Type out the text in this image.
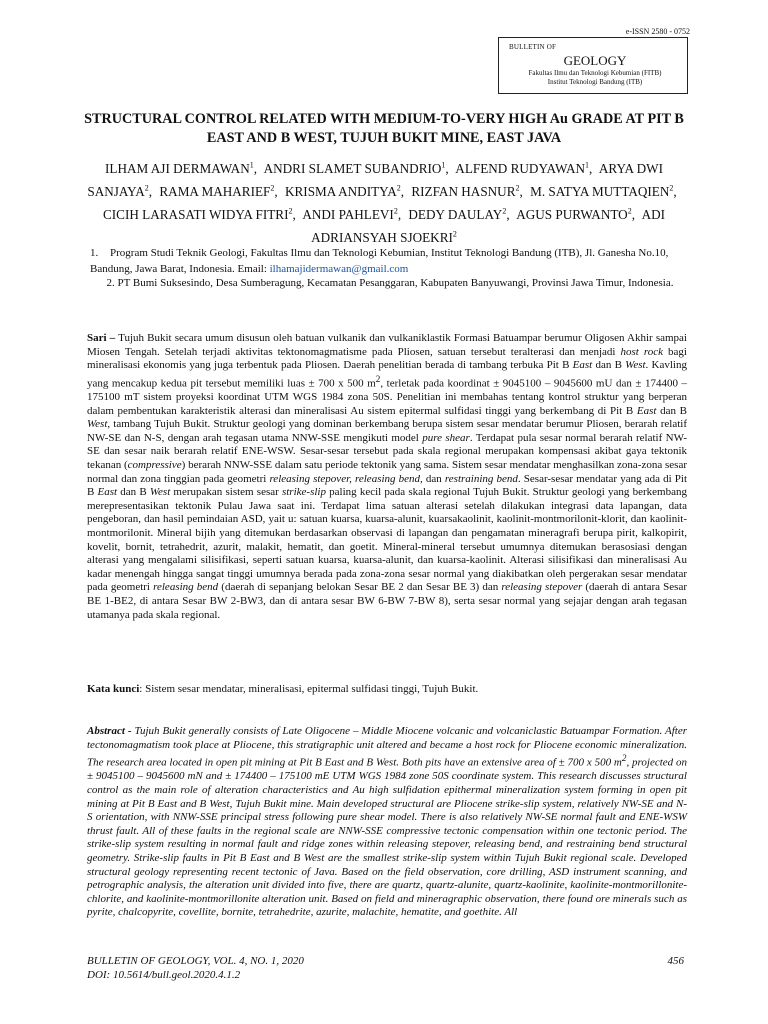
e-ISSN 2580 - 0752
BULLETIN OF
GEOLOGY
Fakultas Ilmu dan Teknologi Kebumian (FITB)
Institut Teknologi Bandung (ITB)
STRUCTURAL CONTROL RELATED WITH MEDIUM-TO-VERY HIGH Au GRADE AT PIT B EAST AND B WEST, TUJUH BUKIT MINE, EAST JAVA
ILHAM AJI DERMAWAN$^1$, ANDRI SLAMET SUBANDRIO$^1$, ALFEND RUDYAWAN$^1$, ARYA DWI SANJAYA$^2$, RAMA MAHARIEF$^2$, KRISMA ANDITYA$^2$, RIZFAN HASNUR$^2$, M. SATYA MUTTAQIEN$^2$, CICIH LARASATI WIDYA FITRI$^2$, ANDI PAHLEVI$^2$, DEDY DAULAY$^2$, AGUS PURWANTO$^2$, ADI ADRIANSYAH SJOEKRI$^2$
1. Program Studi Teknik Geologi, Fakultas Ilmu dan Teknologi Kebumian, Institut Teknologi Bandung (ITB), Jl. Ganesha No.10, Bandung, Jawa Barat, Indonesia. Email: ilhamajidermawan@gmail.com
2. PT Bumi Suksesindo, Desa Sumberagung, Kecamatan Pesanggaran, Kabupaten Banyuwangi, Provinsi Jawa Timur, Indonesia.
Sari – Tujuh Bukit secara umum disusun oleh batuan vulkanik dan vulkaniklastik Formasi Batuampar berumur Oligosen Akhir sampai Miosen Tengah. Setelah terjadi aktivitas tektonomagmatisme pada Pliosen, satuan tersebut teralterasi dan menjadi host rock bagi mineralisasi ekonomis yang juga terbentuk pada Pliosen. Daerah penelitian berada di tambang terbuka Pit B East dan B West. Kavling yang mencakup kedua pit tersebut memiliki luas ± 700 x 500 $m^2$, terletak pada koordinat ± 9045100 – 9045600 mU dan ± 174400 – 175100 mT sistem proyeksi koordinat UTM WGS 1984 zona 50S. Penelitian ini membahas tentang kontrol struktur yang berperan dalam pembentukan karakteristik alterasi dan mineralisasi Au sistem epitermal sulfidasi tinggi yang berkembang di Pit B East dan B West, tambang Tujuh Bukit. Struktur geologi yang dominan berkembang berupa sistem sesar mendatar berumur Pliosen, berarah relatif NW-SE dan N-S, dengan arah tegasan utama NNW-SSE mengikuti model pure shear. Terdapat pula sesar normal berarah relatif NW-SE dan sesar naik berarah relatif ENE-WSW. Sesar-sesar tersebut pada skala regional merupakan kompensasi akibat gaya tektonik tekanan (compressive) berarah NNW-SSE dalam satu periode tektonik yang sama. Sistem sesar mendatar menghasilkan zona-zona sesar normal dan zona tinggian pada geometri releasing stepover, releasing bend, dan restraining bend. Sesar-sesar mendatar yang ada di Pit B East dan B West merupakan sistem sesar strike-slip paling kecil pada skala regional Tujuh Bukit. Struktur geologi yang berkembang merepresentasikan tektonik Pulau Jawa saat ini. Terdapat lima satuan alterasi setelah dilakukan integrasi data lapangan, data pengeboran, dan hasil pemindaian ASD, yait u: satuan kuarsa, kuarsa-alunit, kuarsakaolinit, kaolinit-montmorilonit-klorit, dan kaolinit-montmorilonit. Mineral bijih yang ditemukan berdasarkan observasi di lapangan dan pengamatan mineragrafi berupa pirit, kalkopirit, kovelit, bornit, tetrahedrit, azurit, malakit, hematit, dan goetit. Mineral-mineral tersebut umumnya ditemukan berasosiasi dengan alterasi yang mengalami silisifikasi, seperti satuan kuarsa, kuarsa-alunit, dan kuarsa-kaolinit. Alterasi silisifikasi dan mineralisasi Au kadar menengah hingga sangat tinggi umumnya berada pada zona-zona sesar normal yang diakibatkan oleh pergerakan sesar mendatar pada geometri releasing bend (daerah di sepanjang belokan Sesar BE 2 dan Sesar BE 3) dan releasing stepover (daerah di antara Sesar BE 1-BE2, di antara Sesar BW 2-BW3, dan di antara sesar BW 6-BW 7-BW 8), serta sesar normal yang sejajar dengan arah tegasan utamanya pada skala regional.
Kata kunci: Sistem sesar mendatar, mineralisasi, epitermal sulfidasi tinggi, Tujuh Bukit.
Abstract - Tujuh Bukit generally consists of Late Oligocene – Middle Miocene volcanic and volcaniclastic Batuampar Formation. After tectonomagmatism took place at Pliocene, this stratigraphic unit altered and became a host rock for Pliocene economic mineralization. The research area located in open pit mining at Pit B East and B West. Both pits have an extensive area of ± 700 x 500 $m^2$, projected on ± 9045100 – 9045600 mN and ± 174400 – 175100 mE UTM WGS 1984 zone 50S coordinate system. This research discusses structural control as the main role of alteration characteristics and Au high sulfidation epithermal mineralization system forming in open pit mining at Pit B East and B West, Tujuh Bukit mine. Main developed structural are Pliocene strike-slip system, relatively NW-SE and N-S orientation, with NNW-SSE principal stress following pure shear model. There is also relatively NW-SE normal fault and ENE-WSW thrust fault. All of these faults in the regional scale are NNW-SSE compressive tectonic compensation within one tectonic period. The strike-slip system resulting in normal fault and ridge zones within releasing stepover, releasing bend, and restraining bend structural geometry. Strike-slip faults in Pit B East and B West are the smallest strike-slip system within Tujuh Bukit regional scale. Developed structural geology representing recent tectonic of Java. Based on the field observation, core drilling, ASD instrument scanning, and petrographic analysis, the alteration unit divided into five, there are quartz, quartz-alunite, quartz-kaolinite, kaolinite-montmorillonite-chlorite, and kaolinite-montmorillonite alteration unit. Based on field and mineragraphic observation, there found ore minerals such as pyrite, chalcopyrite, covellite, bornite, tetrahedrite, azurite, malachite, hematite, and goethite. All
BULLETIN OF GEOLOGY, VOL. 4, NO. 1, 2020
DOI: 10.5614/bull.geol.2020.4.1.2
456
